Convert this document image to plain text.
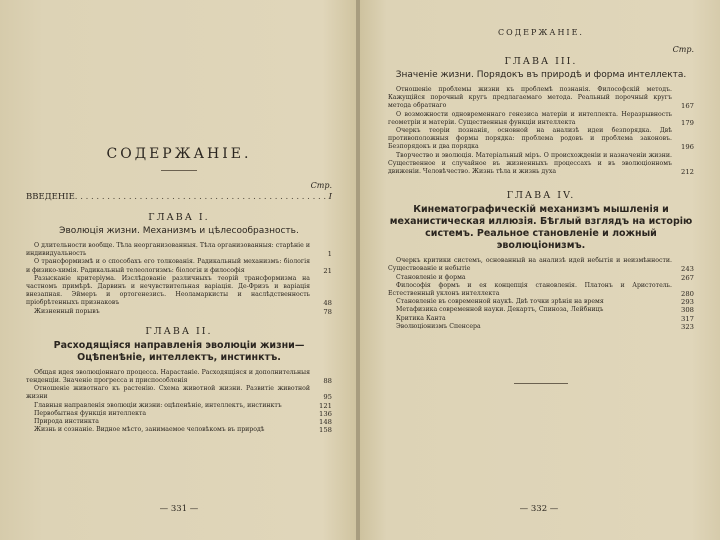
СОДЕРЖАНІЕ.
Стр.
ВВЕДЕНІЕ . . .	I
ГЛАВА I.
Эволюція жизни. Механизмъ и цѣлесообразность.
О длительности вообще. Тѣла неорганизованныя. Тѣла организованныя: старѣніе и индивидуальность	1
О трансформизмѣ и о способахъ его толкованія. Радикальный механизмъ: біологія и физико-химія. Радикальный телеологизмъ: біологія и философія	21
Разысканіе критерiума. Изслѣдованіе различныхъ теорій трансформизма на частномъ примѣрѣ. Дарвинъ и нечувствительная варіація. Де-Фризъ и варіація внезапная. Эймеръ и ортогенезисъ. Неоламаркисты и наслѣдственность пріобрѣтенныхъ признаковъ	48
Жизненный порывъ	78
ГЛАВА II.
Расходящіяся направленія эволюціи жизни—Оцѣпенѣніе, интеллектъ, инстинктъ.
Общая идея эволюціоннаго процесса. Нарастаніе. Расходящiяся и дополнительныя тенденціи. Значеніе прогресса и приспособленія	88
Отношеніе животнаго къ растенію. Схема животной жизни. Развитіе животной жизни	95
Главныя направленія эволюціи жизни: оцѣпенѣніе, интеллектъ, инстинктъ	121
Первобытная функція интеллекта	136
Природа инстинкта	148
Жизнь и сознаніе. Видное мѣсто, занимаемое человѣкомъ въ природѣ	158
— 331 —
СОДЕРЖАНІЕ.
Стр.
ГЛАВА III.
Значеніе жизни. Порядокъ въ природѣ и форма интеллекта.
Отношеніе проблемы жизни къ проблемѣ познанія. Философскій методъ. Кажущійся порочный кругъ предлагаемаго метода. Реальный порочный кругъ метода обратнаго	167
О возможности одновременнаго генезиса матеріи и интеллекта. Неразрывность геометріи и матеріи. Существенныя функціи интеллекта	179
Очеркъ теоріи познанія, основной на анализѣ идеи безпорядка. Двѣ противоположныя формы порядка: проблема родовъ и проблема законовъ. Безпорядокъ и два порядка	196
Творчество и эволюція. Матеріальный міръ. О происхожденіи и назначеніи жизни. Существенное и случайное въ жизненныхъ процессахъ и въ эволюціонномъ движеніи. Человѣчество. Жизнь тѣла и жизнь духа	212
ГЛАВА IV.
Кинематографическій механизмъ мышленія и механистическая иллюзія. Бѣглый взглядъ на исторію системъ. Реальное становленіе и ложный эволюціонизмъ.
Очеркъ критики системъ, основанный на анализѣ идей небытія и неизмѣнности. Существованіе и небытіе	243
Становленіе и форма	267
Философія формъ и ея концепція становленія. Платонъ и Аристотель. Естественный уклонъ интеллекта	280
Становленіе въ современной наукѣ. Двѣ точки зрѣнія на время	293
Метафизика современной науки. Декартъ, Спиноза, Лейбницъ	308
Критика Канта	317
Эволюціонизмъ Спенсера	323
— 332 —
